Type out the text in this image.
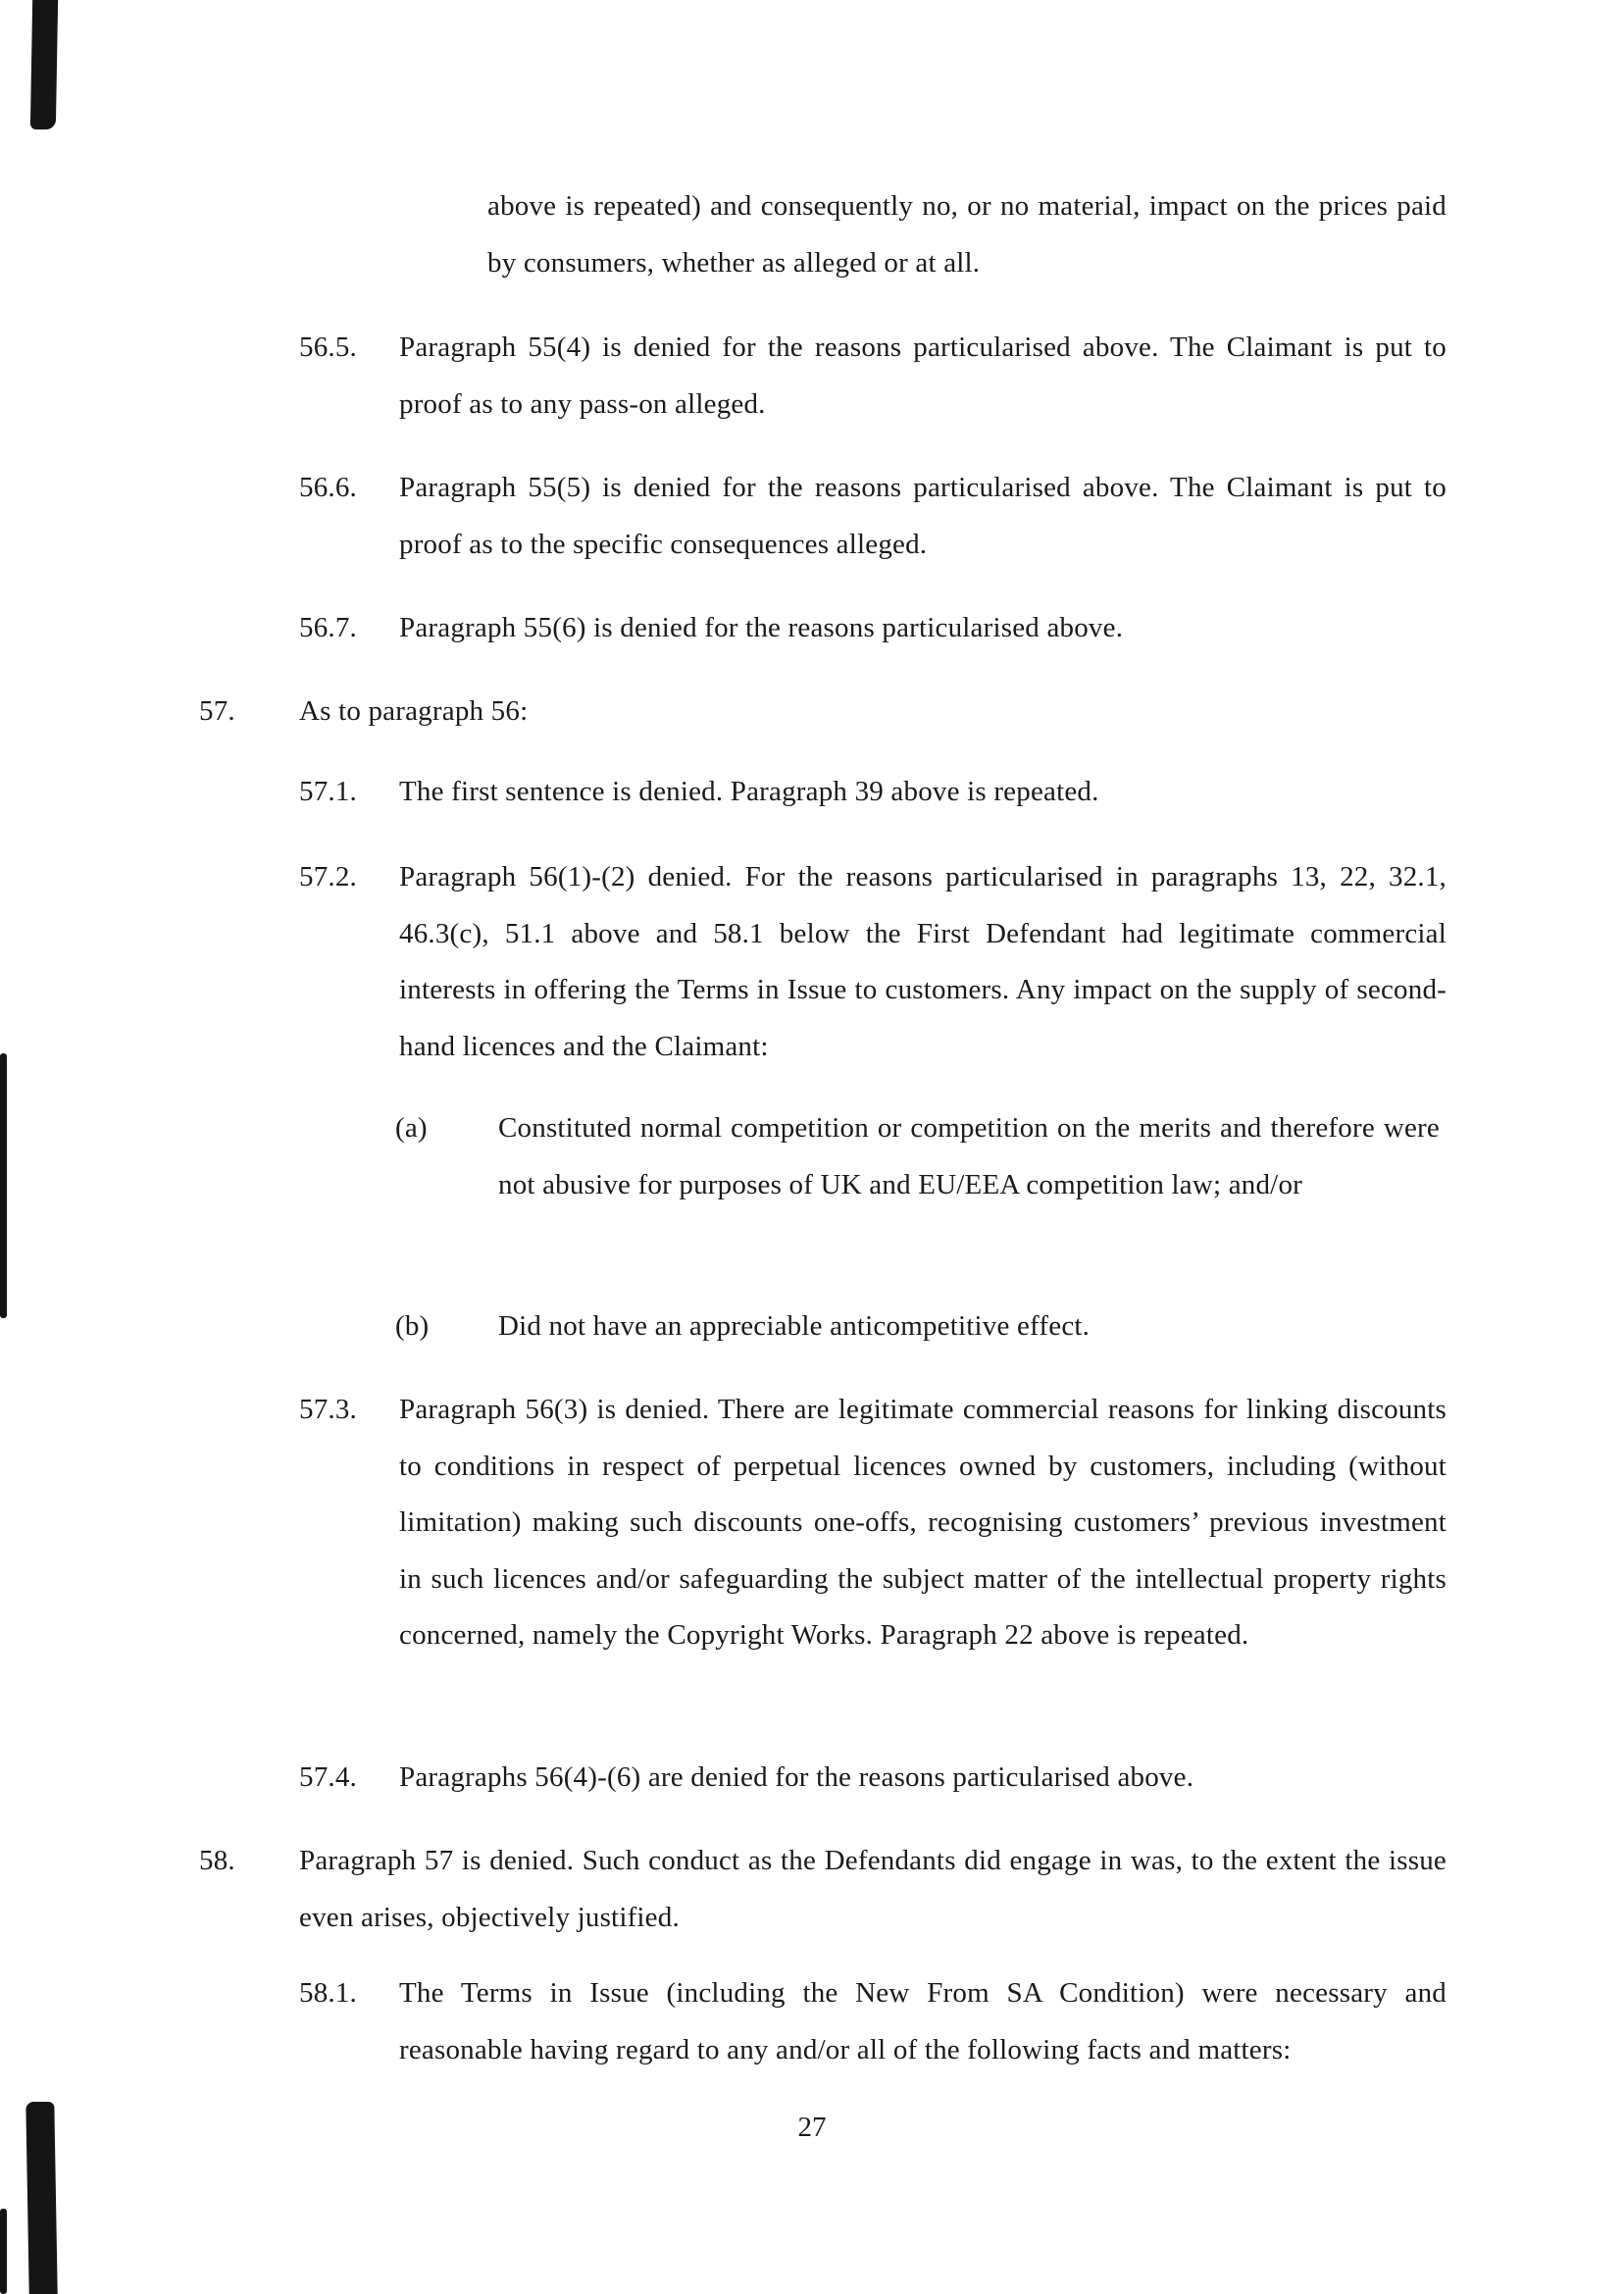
above is repeated) and consequently no, or no material, impact on the prices paid by consumers, whether as alleged or at all.
56.5.	Paragraph 55(4) is denied for the reasons particularised above. The Claimant is put to proof as to any pass-on alleged.
56.6.	Paragraph 55(5) is denied for the reasons particularised above. The Claimant is put to proof as to the specific consequences alleged.
56.7.	Paragraph 55(6) is denied for the reasons particularised above.
57.	As to paragraph 56:
57.1.	The first sentence is denied. Paragraph 39 above is repeated.
57.2.	Paragraph 56(1)-(2) denied. For the reasons particularised in paragraphs 13, 22, 32.1, 46.3(c), 51.1 above and 58.1 below the First Defendant had legitimate commercial interests in offering the Terms in Issue to customers. Any impact on the supply of second-hand licences and the Claimant:
(a)	Constituted normal competition or competition on the merits and therefore were not abusive for purposes of UK and EU/EEA competition law; and/or
(b)	Did not have an appreciable anticompetitive effect.
57.3.	Paragraph 56(3) is denied. There are legitimate commercial reasons for linking discounts to conditions in respect of perpetual licences owned by customers, including (without limitation) making such discounts one-offs, recognising customers’ previous investment in such licences and/or safeguarding the subject matter of the intellectual property rights concerned, namely the Copyright Works. Paragraph 22 above is repeated.
57.4.	Paragraphs 56(4)-(6) are denied for the reasons particularised above.
58.	Paragraph 57 is denied. Such conduct as the Defendants did engage in was, to the extent the issue even arises, objectively justified.
58.1.	The Terms in Issue (including the New From SA Condition) were necessary and reasonable having regard to any and/or all of the following facts and matters:
27
